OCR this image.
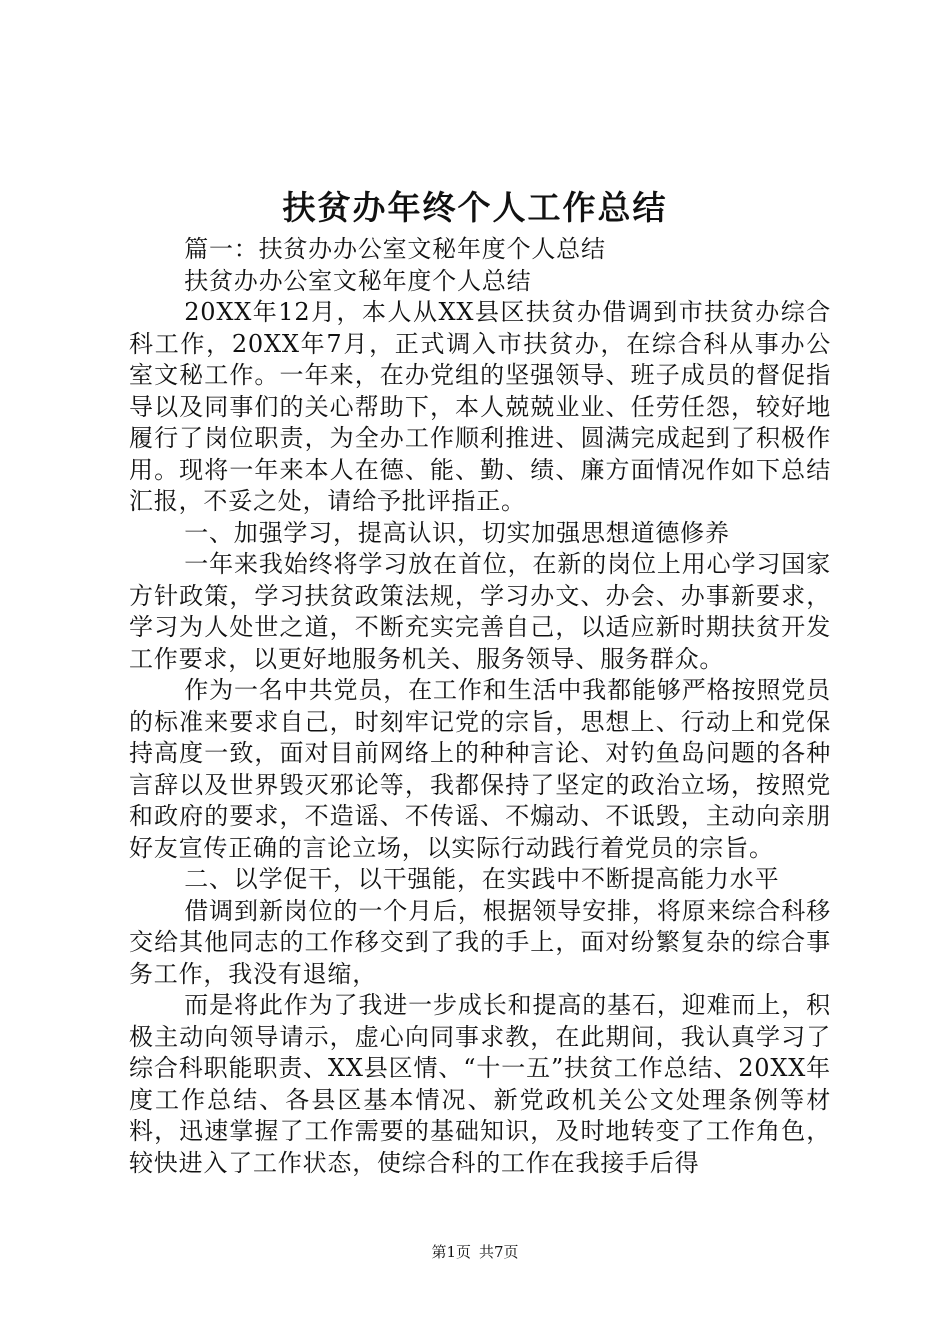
扶贫办年终个人工作总结

篇一：扶贫办办公室文秘年度个人总结

扶贫办办公室文秘年度个人总结

20XX年12月，本人从XX县区扶贫办借调到市扶贫办综合科工作，20XX年7月，正式调入市扶贫办，在综合科从事办公室文秘工作。一年来，在办党组的坚强领导、班子成员的督促指导以及同事们的关心帮助下，本人兢兢业业、任劳任怨，较好地履行了岗位职责，为全办工作顺利推进、圆满完成起到了积极作用。现将一年来本人在德、能、勤、绩、廉方面情况作如下总结汇报，不妥之处，请给予批评指正。

一、加强学习，提高认识，切实加强思想道德修养

一年来我始终将学习放在首位，在新的岗位上用心学习国家方针政策，学习扶贫政策法规，学习办文、办会、办事新要求，学习为人处世之道，不断充实完善自己，以适应新时期扶贫开发工作要求，以更好地服务机关、服务领导、服务群众。

作为一名中共党员，在工作和生活中我都能够严格按照党员的标准来要求自己，时刻牢记党的宗旨，思想上、行动上和党保持高度一致，面对目前网络上的种种言论、对钓鱼岛问题的各种言辞以及世界毁灭邪论等，我都保持了坚定的政治立场，按照党和政府的要求，不造谣、不传谣、不煽动、不诋毁，主动向亲朋好友宣传正确的言论立场，以实际行动践行着党员的宗旨。

二、以学促干，以干强能，在实践中不断提高能力水平

借调到新岗位的一个月后，根据领导安排，将原来综合科移交给其他同志的工作移交到了我的手上，面对纷繁复杂的综合事务工作，我没有退缩，

而是将此作为了我进一步成长和提高的基石，迎难而上，积极主动向领导请示，虚心向同事求教，在此期间，我认真学习了综合科职能职责、XX县区情、“十一五”扶贫工作总结、20XX年度工作总结、各县区基本情况、新党政机关公文处理条例等材料，迅速掌握了工作需要的基础知识，及时地转变了工作角色，较快进入了工作状态，使综合科的工作在我接手后得

第1页 共7页
